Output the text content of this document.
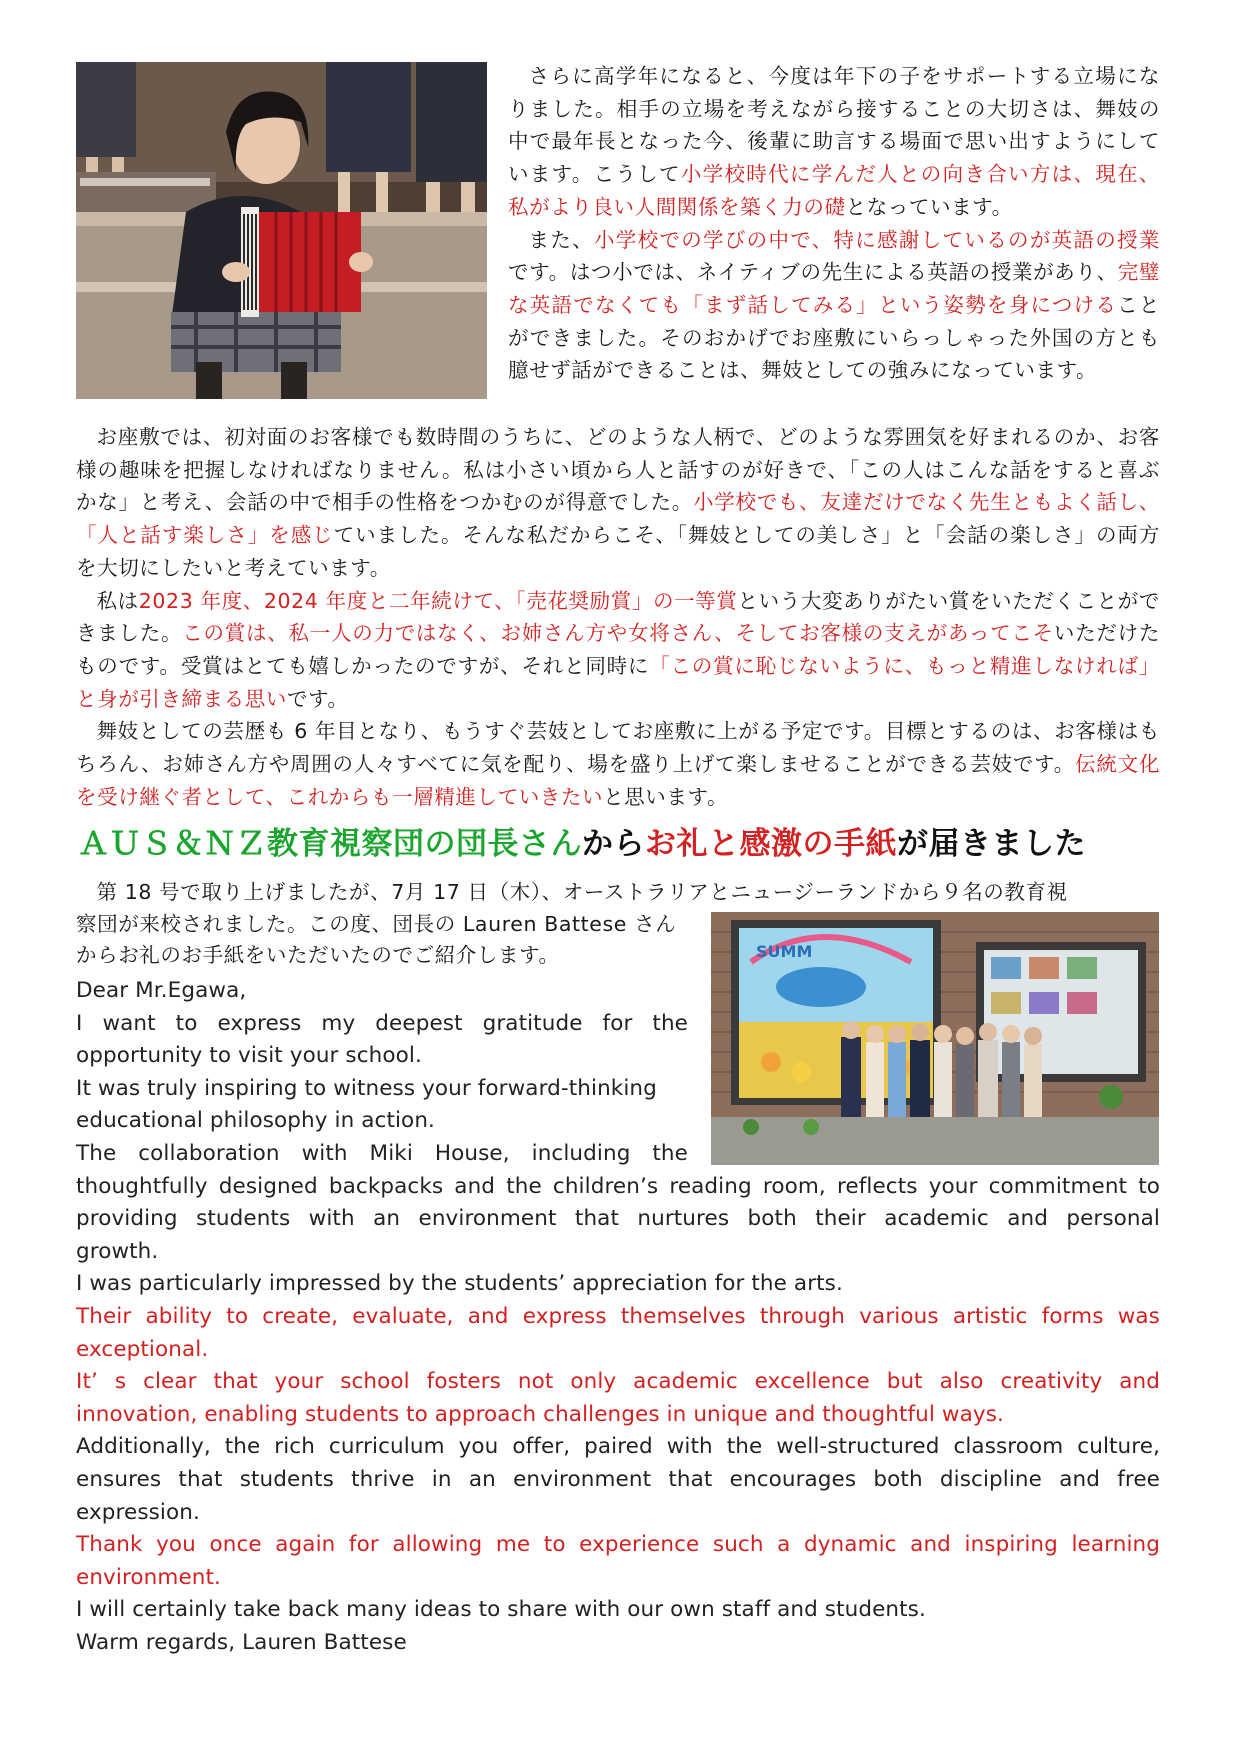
さらに高学年になると、今度は年下の子をサポートする立場になりました。相手の立場を考えながら接することの大切さは、舞妓の中で最年長となった今、後輩に助言する場面で思い出すようにしています。こうして小学校時代に学んだ人との向き合い方は、現在、私がより良い人間関係を築く力の礎となっています。

また、小学校での学びの中で、特に感謝しているのが英語の授業です。はつ小では、ネイティブの先生による英語の授業があり、完璧な英語でなくても「まず話してみる」という姿勢を身につけることができました。そのおかげでお座敷にいらっしゃった外国の方とも臆せず話ができることは、舞妓としての強みになっています。

お座敷では、初対面のお客様でも数時間のうちに、どのような人柄で、どのような雰囲気を好まれるのか、お客様の趣味を把握しなければなりません。私は小さい頃から人と話すのが好きで、「この人はこんな話をすると喜ぶかな」と考え、会話の中で相手の性格をつかむのが得意でした。小学校でも、友達だけでなく先生ともよく話し、「人と話す楽しさ」を感じていました。そんな私だからこそ、「舞妓としての美しさ」と「会話の楽しさ」の両方を大切にしたいと考えています。

私は2023 年度、2024 年度と二年続けて、「売花奨励賞」の一等賞という大変ありがたい賞をいただくことができました。この賞は、私一人の力ではなく、お姉さん方や女将さん、そしてお客様の支えがあってこそいただけたものです。受賞はとても嬉しかったのですが、それと同時に「この賞に恥じないように、もっと精進しなければ」と身が引き締まる思いです。

舞妓としての芸歴も 6 年目となり、もうすぐ芸妓としてお座敷に上がる予定です。目標とするのは、お客様はもちろん、お姉さん方や周囲の人々すべてに気を配り、場を盛り上げて楽しませることができる芸妓です。伝統文化を受け継ぐ者として、これからも一層精進していきたいと思います。

ＡＵＳ＆ＮＺ教育視察団の団長さんからお礼と感激の手紙が届きました
第 18 号で取り上げましたが、7月 17 日（木）、オーストラリアとニュージーランドから９名の教育視
察団が来校されました。この度、団長の Lauren Battese さんからお礼のお手紙をいただいたのでご紹介します。	SUMM
Dear Mr.Egawa,
I want to express my deepest gratitude for the
opportunity to visit your school.
It was truly inspiring to witness your forward-thinking
educational philosophy in action.
The collaboration with Miki House, including the
thoughtfully designed backpacks and the children’s reading room, reflects your commitment to
providing students with an environment that nurtures both their academic and personal
growth.
I was particularly impressed by the students’ appreciation for the arts.
Their ability to create, evaluate, and express themselves through various artistic forms was
exceptional.
It’ s clear that your school fosters not only academic excellence but also creativity and
innovation, enabling students to approach challenges in unique and thoughtful ways.
Additionally, the rich curriculum you offer, paired with the well-structured classroom culture,
ensures that students thrive in an environment that encourages both discipline and free
expression.
Thank you once again for allowing me to experience such a dynamic and inspiring learning
environment.
I will certainly take back many ideas to share with our own staff and students.
Warm regards, Lauren Battese
